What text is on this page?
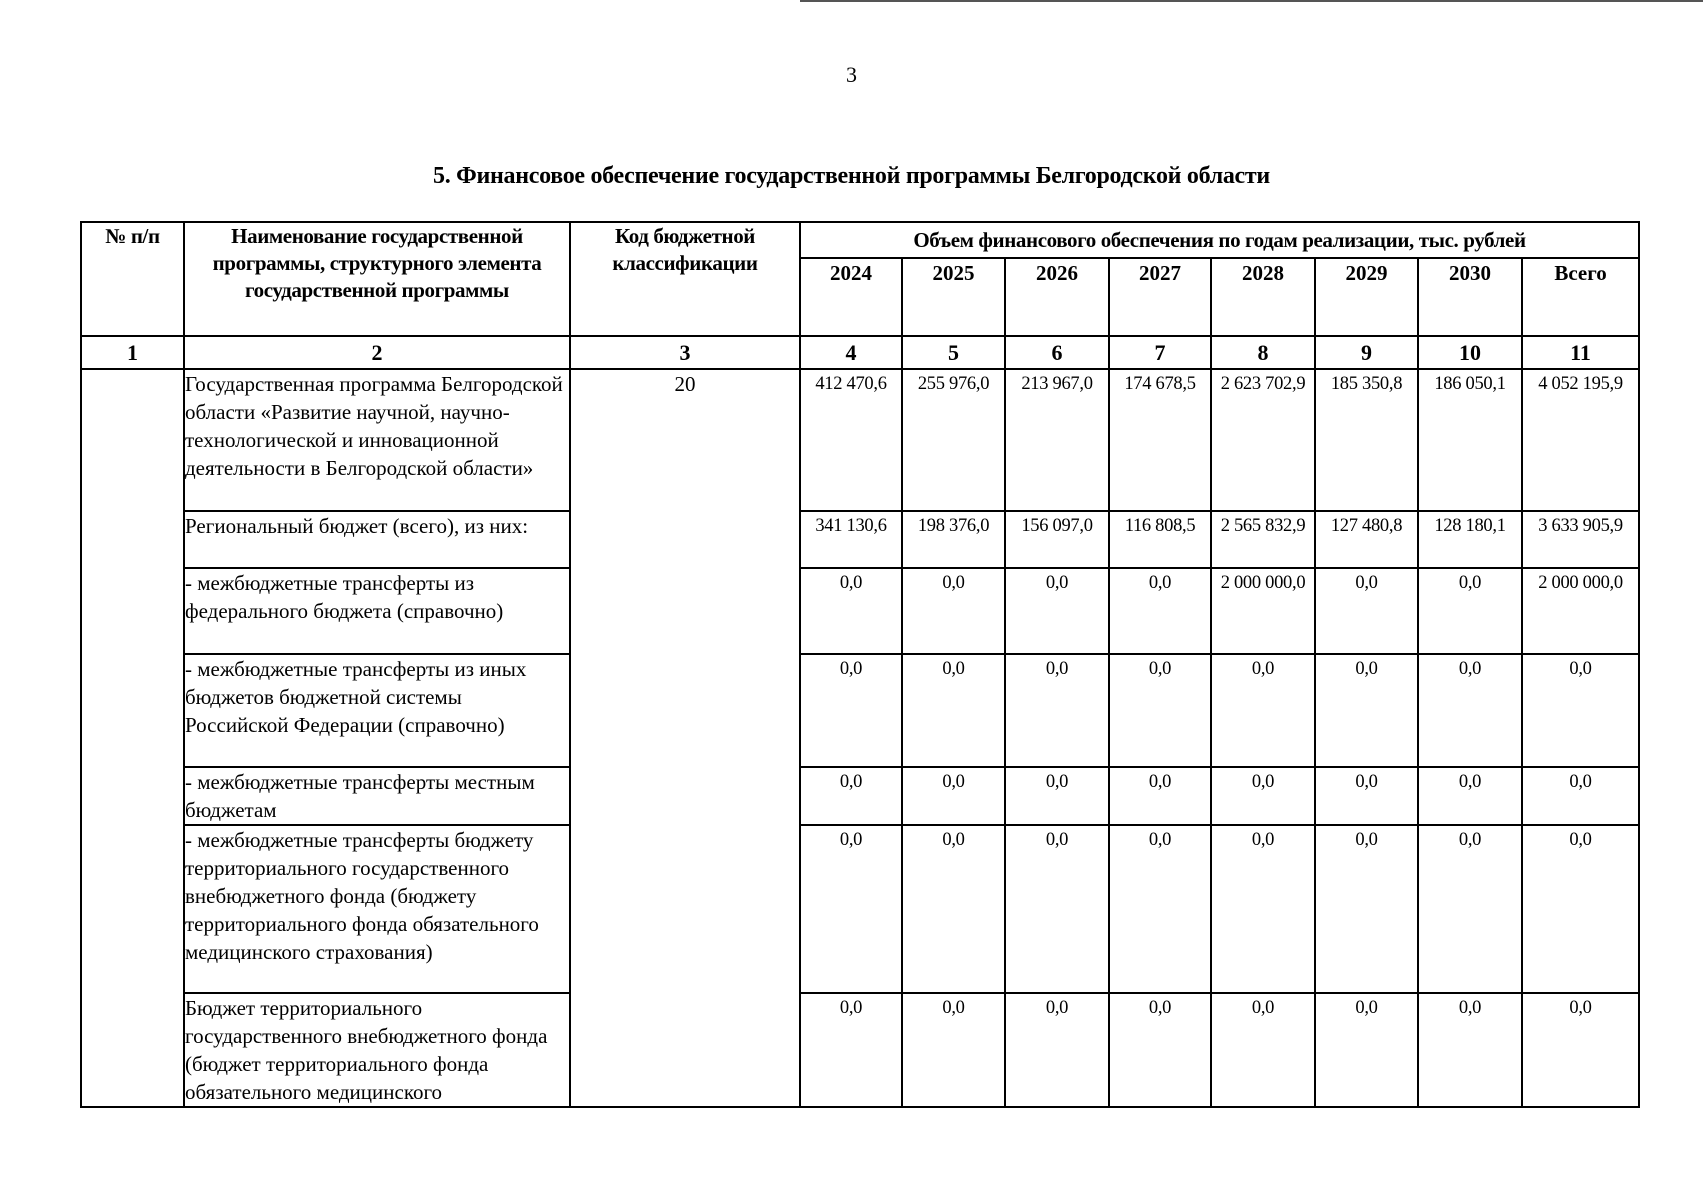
3
5. Финансовое обеспечение государственной программы Белгородской области
№ п/п	Наименование государственной программы, структурного элемента государственной программы	Код бюджетной классификации	Объем финансового обеспечения по годам реализации, тыс. рублей							
			2024	2025	2026	2027	2028	2029	2030	Всего
1	2	3	4	5	6	7	8	9	10	11
	Государственная программа Белгородской области «Развитие научной, научно-технологической и инновационной деятельности в Белгородской области»	20	412 470,6	255 976,0	213 967,0	174 678,5	2 623 702,9	185 350,8	186 050,1	4 052 195,9
	Региональный бюджет (всего), из них:		341 130,6	198 376,0	156 097,0	116 808,5	2 565 832,9	127 480,8	128 180,1	3 633 905,9
	- межбюджетные трансферты из федерального бюджета (справочно)		0,0	0,0	0,0	0,0	2 000 000,0	0,0	0,0	2 000 000,0
	- межбюджетные трансферты из иных бюджетов бюджетной системы Российской Федерации (справочно)		0,0	0,0	0,0	0,0	0,0	0,0	0,0	0,0
	- межбюджетные трансферты местным бюджетам		0,0	0,0	0,0	0,0	0,0	0,0	0,0	0,0
	- межбюджетные трансферты бюджету территориального государственного внебюджетного фонда (бюджету территориального фонда обязательного медицинского страхования)		0,0	0,0	0,0	0,0	0,0	0,0	0,0	0,0
	Бюджет территориального государственного внебюджетного фонда (бюджет территориального фонда обязательного медицинского		0,0	0,0	0,0	0,0	0,0	0,0	0,0	0,0
